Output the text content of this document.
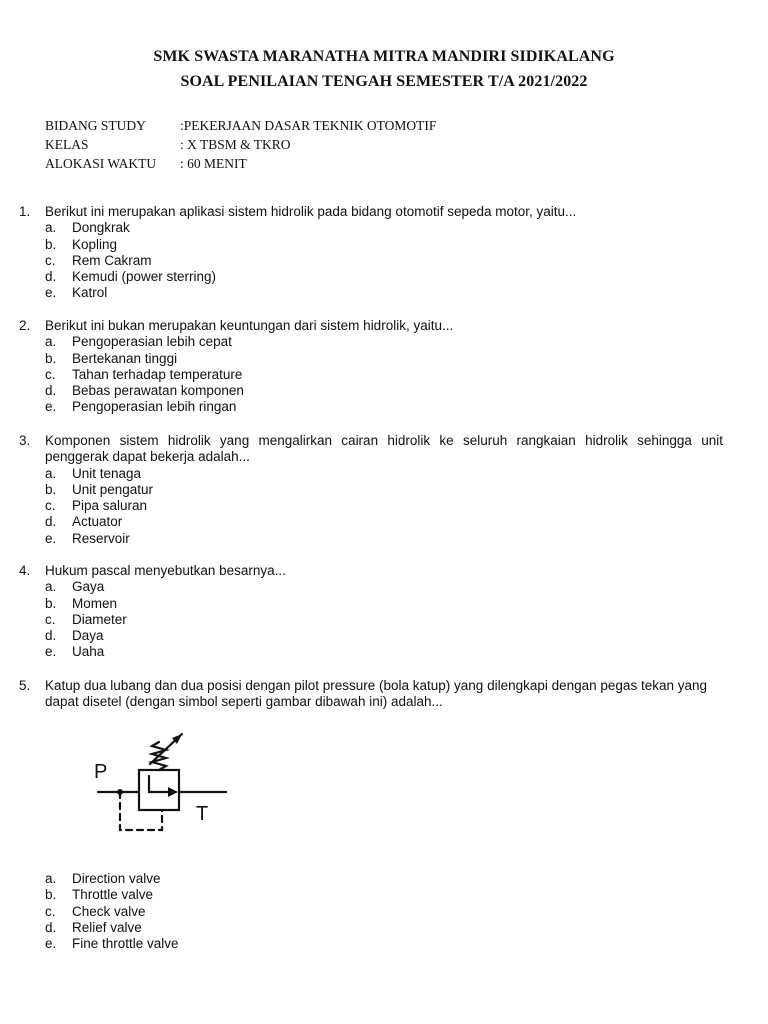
SMK SWASTA MARANATHA MITRA MANDIRI SIDIKALANG
SOAL PENILAIAN TENGAH SEMESTER T/A 2021/2022
BIDANG STUDY	:PEKERJAAN DASAR TEKNIK OTOMOTIF
KELAS	: X TBSM & TKRO
ALOKASI WAKTU	: 60 MENIT
1.	Berikut ini merupakan aplikasi sistem hidrolik pada bidang otomotif sepeda motor, yaitu...
a.	Dongkrak
b.	Kopling
c.	Rem Cakram
d.	Kemudi (power sterring)
e.	Katrol
2.	Berikut ini bukan merupakan keuntungan dari sistem hidrolik, yaitu...
a.	Pengoperasian lebih cepat
b.	Bertekanan tinggi
c.	Tahan terhadap temperature
d.	Bebas perawatan komponen
e.	Pengoperasian lebih ringan
3.	Komponen sistem hidrolik yang mengalirkan cairan hidrolik ke seluruh rangkaian hidrolik sehingga unit penggerak dapat bekerja adalah...
a.	Unit tenaga
b.	Unit pengatur
c.	Pipa saluran
d.	Actuator
e.	Reservoir
4.	Hukum pascal menyebutkan besarnya...
a.	Gaya
b.	Momen
c.	Diameter
d.	Daya
e.	Uaha
5.	Katup dua lubang dan dua posisi dengan pilot pressure (bola katup) yang dilengkapi dengan pegas tekan yang dapat disetel (dengan simbol seperti gambar dibawah ini) adalah...
P
T
a.	Direction valve
b.	Throttle valve
c.	Check valve
d.	Relief valve
e.	Fine throttle valve
